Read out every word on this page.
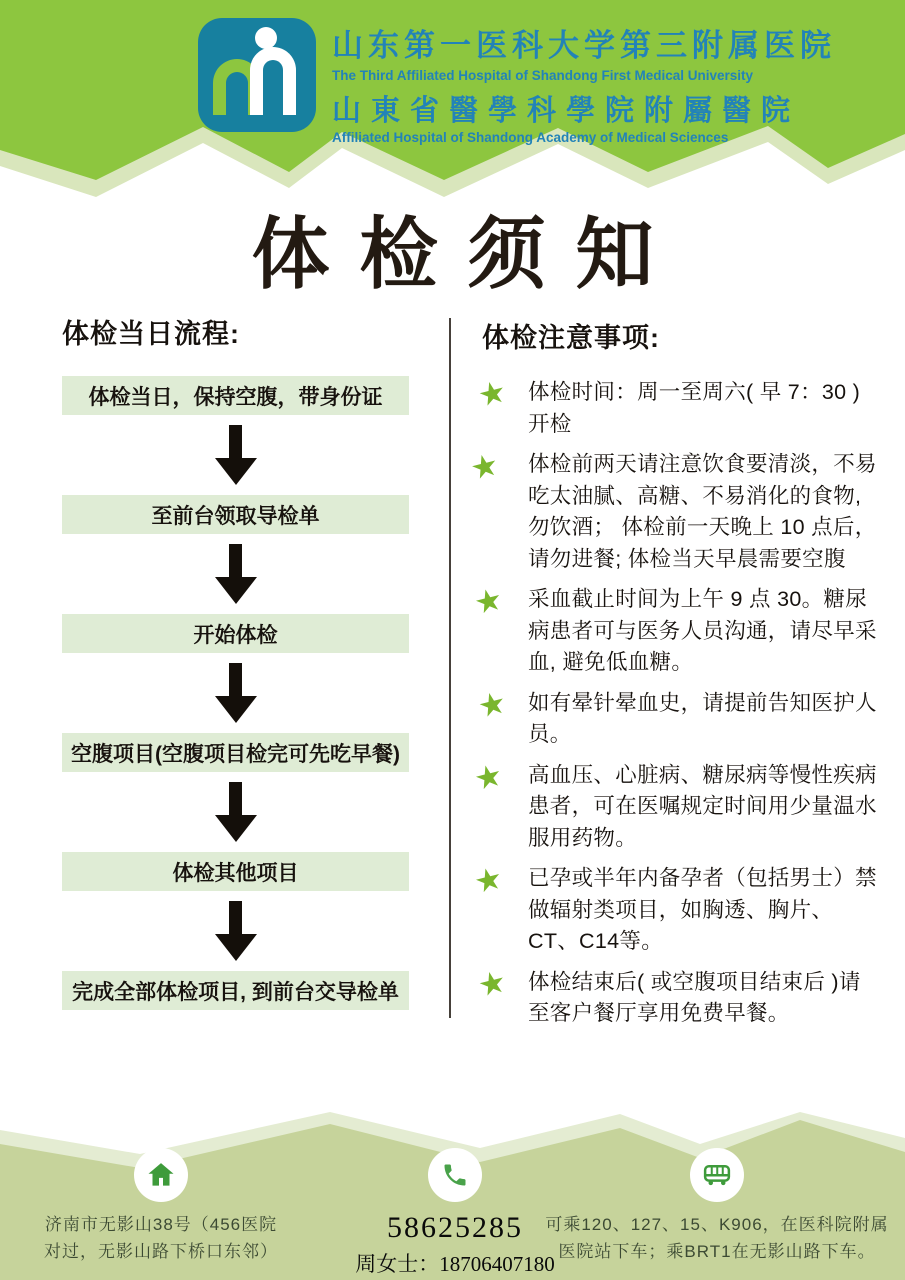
山东第一医科大学第三附属医院
The Third Affiliated Hospital of Shandong First Medical University
山東省醫學科學院附屬醫院
Affiliated Hospital of Shandong Academy of Medical Sciences
体检须知
体检当日流程:
体检当日，保持空腹，带身份证
至前台领取导检单
开始体检
空腹项目(空腹项目检完可先吃早餐)
体检其他项目
完成全部体检项目, 到前台交导检单
体检注意事项:
★ 体检时间：周一至周六( 早 7：30 ) 开检
★	体检前两天请注意饮食要清淡，不易吃太油腻、高糖、不易消化的食物, 勿饮酒； 体检前一天晚上 10 点后，请勿进餐; 体检当天早晨需要空腹
★	采血截止时间为上午 9 点 30。糖尿病患者可与医务人员沟通，请尽早采血, 避免低血糖。
★ 如有晕针晕血史，请提前告知医护人员。
★	高血压、心脏病、糖尿病等慢性疾病患者，可在医嘱规定时间用少量温水服用药物。
★	已孕或半年内备孕者（包括男士）禁做辐射类项目，如胸透、胸片、CT、C14等。
★ 体检结束后( 或空腹项目结束后 )请至客户餐厅享用免费早餐。
济南市无影山38号（456医院
对过，无影山路下桥口东邻）
58625285
周女士：18706407180
可乘120、127、15、K906，在医科院附属
医院站下车；乘BRT1在无影山路下车。
